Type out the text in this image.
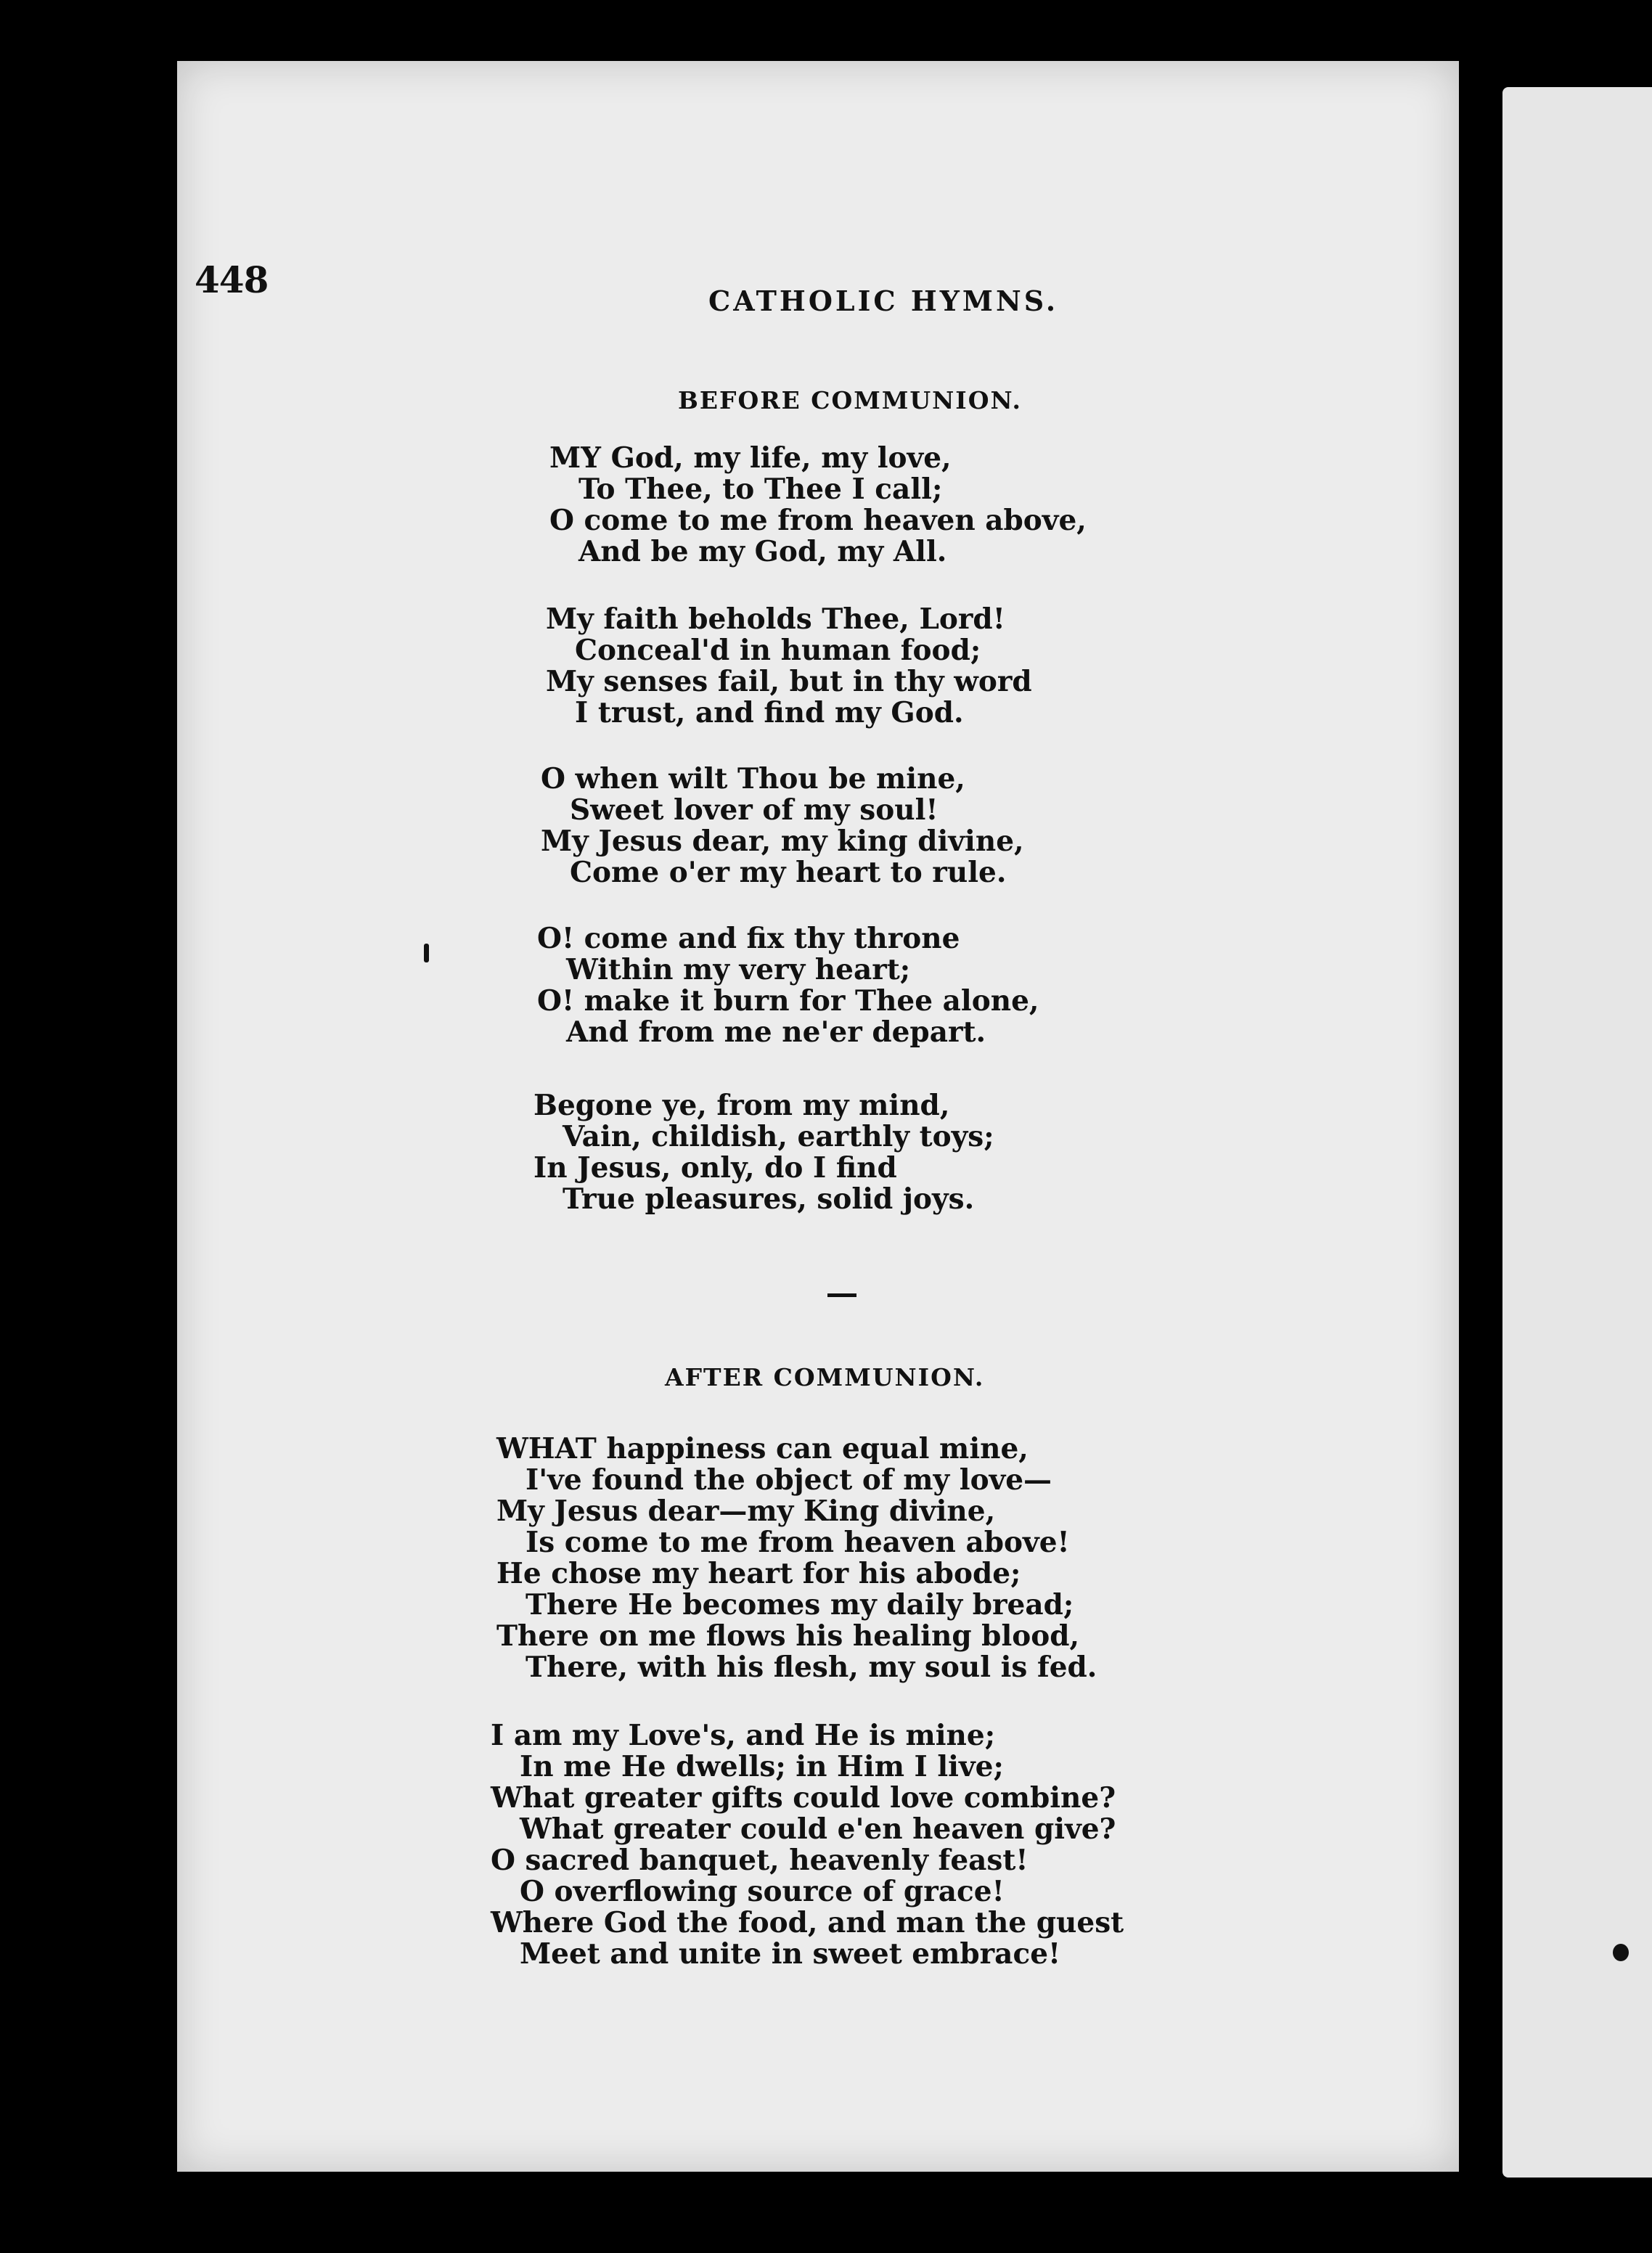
448	CATHOLIC HYMNS.
BEFORE COMMUNION.
MY God, my life, my love,
To Thee, to Thee I call;
O come to me from heaven above,
And be my God, my All.
My faith beholds Thee, Lord!
Conceal'd in human food;
My senses fail, but in thy word
I trust, and find my God.
O when wilt Thou be mine,
Sweet lover of my soul!
My Jesus dear, my king divine,
Come o'er my heart to rule.
O! come and fix thy throne
Within my very heart;
O! make it burn for Thee alone,
And from me ne'er depart.
Begone ye, from my mind,
Vain, childish, earthly toys;
In Jesus, only, do I find
True pleasures, solid joys.
AFTER COMMUNION.
WHAT happiness can equal mine,
I've found the object of my love—
My Jesus dear—my King divine,
Is come to me from heaven above!
He chose my heart for his abode;
There He becomes my daily bread;
There on me flows his healing blood,
There, with his flesh, my soul is fed.
I am my Love's, and He is mine;
In me He dwells; in Him I live;
What greater gifts could love combine?
What greater could e'en heaven give?
O sacred banquet, heavenly feast!
O overflowing source of grace!
Where God the food, and man the guest
Meet and unite in sweet embrace!
